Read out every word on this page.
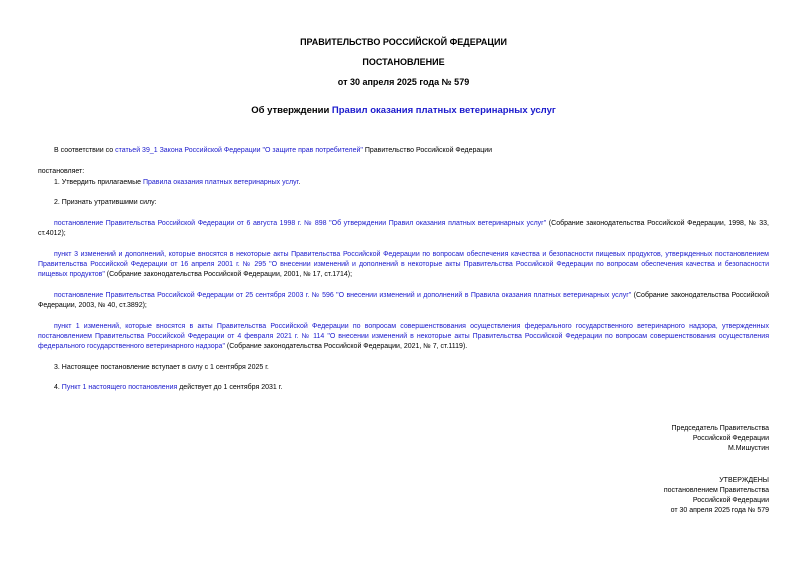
ПРАВИТЕЛЬСТВО РОССИЙСКОЙ ФЕДЕРАЦИИ
ПОСТАНОВЛЕНИЕ
от 30 апреля 2025 года № 579
Об утверждении Правил оказания платных ветеринарных услуг
В соответствии со статьей 39_1 Закона Российской Федерации "О защите прав потребителей" Правительство Российской Федерации
постановляет:
1. Утвердить прилагаемые Правила оказания платных ветеринарных услуг.
2. Признать утратившими силу:
постановление Правительства Российской Федерации от 6 августа 1998 г. № 898 "Об утверждении Правил оказания платных ветеринарных услуг" (Собрание законодательства Российской Федерации, 1998, № 33, ст.4012);
пункт 3 изменений и дополнений, которые вносятся в некоторые акты Правительства Российской Федерации по вопросам обеспечения качества и безопасности пищевых продуктов, утвержденных постановлением Правительства Российской Федерации от 16 апреля 2001 г. № 295 "О внесении изменений и дополнений в некоторые акты Правительства Российской Федерации по вопросам обеспечения качества и безопасности пищевых продуктов" (Собрание законодательства Российской Федерации, 2001, № 17, ст.1714);
постановление Правительства Российской Федерации от 25 сентября 2003 г. № 596 "О внесении изменений и дополнений в Правила оказания платных ветеринарных услуг" (Собрание законодательства Российской Федерации, 2003, № 40, ст.3892);
пункт 1 изменений, которые вносятся в акты Правительства Российской Федерации по вопросам совершенствования осуществления федерального государственного ветеринарного надзора, утвержденных постановлением Правительства Российской Федерации от 4 февраля 2021 г. № 114 "О внесении изменений в некоторые акты Правительства Российской Федерации по вопросам совершенствования осуществления федерального государственного ветеринарного надзора" (Собрание законодательства Российской Федерации, 2021, № 7, ст.1119).
3. Настоящее постановление вступает в силу с 1 сентября 2025 г.
4. Пункт 1 настоящего постановления действует до 1 сентября 2031 г.
Председатель Правительства
Российской Федерации
М.Мишустин
УТВЕРЖДЕНЫ
постановлением Правительства
Российской Федерации
от 30 апреля 2025 года № 579
